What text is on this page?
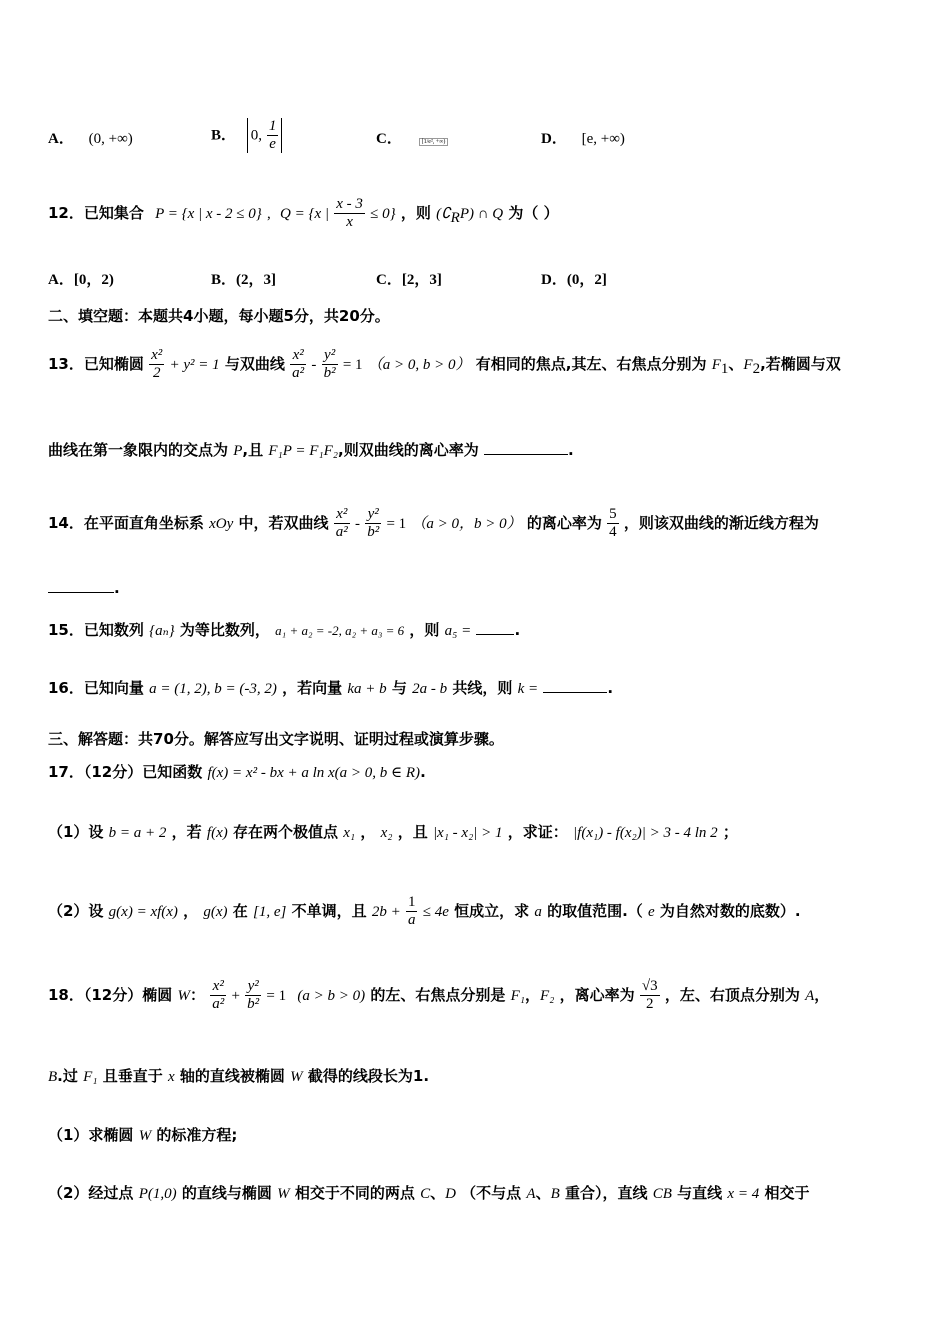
A． (0, +∞)	B． 0, $\frac{1}{e}$	C．	[1/e², +∞)	D． [e, +∞)
12．已知集合 P = {x | x - 2 ≤ 0} , Q = {x | $\frac{x - 3}{x} \le 0$} ，则 $(∁_RP)$ ∩ Q 为（ ）
A．[0，2)	B．(2，3]	C．[2，3]	D．(0，2]
二、填空题：本题共4小题，每小题5分，共20分。
13．已知椭圆 $\frac{\text{x²}}{2} + y^2 = 1$ 与双曲线 $\frac{\text{x²}}{\text{a²}} - \frac{\text{y²}}{\text{b²}} = 1$ （a > 0, b > 0） 有相同的焦点,其左、右焦点分别为 $F_1$、$F_2$,若椭圆与双
曲线在第一象限内的交点为 P,且 F₁P = F₁F₂,则双曲线的离心率为	.
14．在平面直角坐标系 xOy 中，若双曲线 $\frac{\text{x²}}{\text{a²}} - \frac{\text{y²}}{\text{b²}} = 1$ （a > 0，b > 0） 的离心率为 $\frac{5}{4}$ ，则该双曲线的渐近线方程为
.
15．已知数列 {aₙ} 为等比数列， a₁ + a₂ = -2, a₂ + a₃ = 6 ，则 a₅ =	.
16．已知向量 a = (1, 2), b = (-3, 2) ，若向量 ka + b 与 2a - b 共线，则 k =	.
三、解答题：共70分。解答应写出文字说明、证明过程或演算步骤。
17．（12分）已知函数 f(x) = x² - bx + a ln x(a > 0, b ∈ R).
（1）设 b = a + 2 ，若 f(x) 存在两个极值点 x₁ ， x₂ ，且 |x₁ - x₂| > 1 ，求证： |f(x₁) - f(x₂)| > 3 - 4 ln 2 ；
（2）设 g(x) = xf(x) ， g(x) 在 [1, e] 不单调，且 $2b + \frac{1}{a} \le 4e$ 恒成立，求 a 的取值范围.（ e 为自然对数的底数）.
18．（12分）椭圆 W： $\frac{\text{x²}}{\text{a²}} + \frac{\text{y²}}{\text{b²}} = 1$ (a > b > 0) 的左、右焦点分别是 F₁，F₂ ，离心率为 $\frac{√3}{2}$ ，左、右顶点分别为 A，
B.过 F₁ 且垂直于 x 轴的直线被椭圆 W 截得的线段长为1.
（1）求椭圆 W 的标准方程;
（2）经过点 P(1,0) 的直线与椭圆 W 相交于不同的两点 C、D （不与点 A、B 重合），直线 CB 与直线 x = 4 相交于
